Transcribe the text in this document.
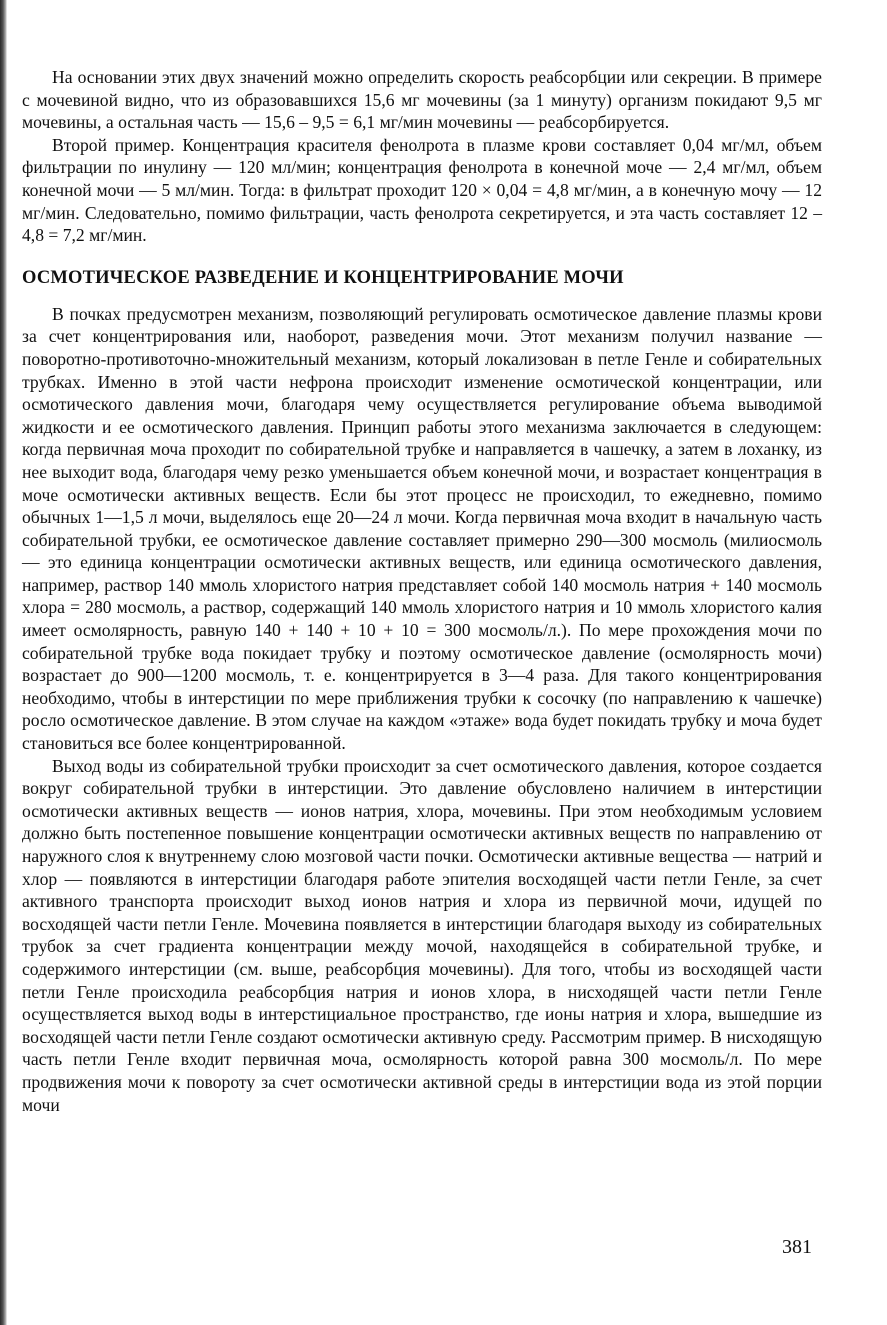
На основании этих двух значений можно определить скорость реабсорбции или секреции. В примере с мочевиной видно, что из образовавшихся 15,6 мг мочевины (за 1 минуту) организм покидают 9,5 мг мочевины, а остальная часть — 15,6 – 9,5 = 6,1 мг/мин мочевины — реабсорбируется.

Второй пример. Концентрация красителя фенолрота в плазме крови составляет 0,04 мг/мл, объем фильтрации по инулину — 120 мл/мин; концентрация фенолрота в конечной моче — 2,4 мг/мл, объем конечной мочи — 5 мл/мин. Тогда: в фильтрат проходит 120 × 0,04 = 4,8 мг/мин, а в конечную мочу — 12 мг/мин. Следовательно, помимо фильтрации, часть фенолрота секретируется, и эта часть составляет 12 – 4,8 = 7,2 мг/мин.

ОСМОТИЧЕСКОЕ РАЗВЕДЕНИЕ И КОНЦЕНТРИРОВАНИЕ МОЧИ

В почках предусмотрен механизм, позволяющий регулировать осмотическое давление плазмы крови за счет концентрирования или, наоборот, разведения мочи. Этот механизм получил название — поворотно-противоточно-множительный механизм, который локализован в петле Генле и собирательных трубках. Именно в этой части нефрона происходит изменение осмотической концентрации, или осмотического давления мочи, благодаря чему осуществляется регулирование объема выводимой жидкости и ее осмотического давления. Принцип работы этого механизма заключается в следующем: когда первичная моча проходит по собирательной трубке и направляется в чашечку, а затем в лоханку, из нее выходит вода, благодаря чему резко уменьшается объем конечной мочи, и возрастает концентрация в моче осмотически активных веществ. Если бы этот процесс не происходил, то ежедневно, помимо обычных 1—1,5 л мочи, выделялось еще 20—24 л мочи. Когда первичная моча входит в начальную часть собирательной трубки, ее осмотическое давление составляет примерно 290—300 мосмоль (милиосмоль — это единица концентрации осмотически активных веществ, или единица осмотического давления, например, раствор 140 ммоль хлористого натрия представляет собой 140 мосмоль натрия + 140 мосмоль хлора = 280 мосмоль, а раствор, содержащий 140 ммоль хлористого натрия и 10 ммоль хлористого калия имеет осмолярность, равную 140 + 140 + 10 + 10 = 300 мосмоль/л.). По мере прохождения мочи по собирательной трубке вода покидает трубку и поэтому осмотическое давление (осмолярность мочи) возрастает до 900—1200 мосмоль, т. е. концентрируется в 3—4 раза. Для такого концентрирования необходимо, чтобы в интерстиции по мере приближения трубки к сосочку (по направлению к чашечке) росло осмотическое давление. В этом случае на каждом «этаже» вода будет покидать трубку и моча будет становиться все более концентрированной.

Выход воды из собирательной трубки происходит за счет осмотического давления, которое создается вокруг собирательной трубки в интерстиции. Это давление обусловлено наличием в интерстиции осмотически активных веществ — ионов натрия, хлора, мочевины. При этом необходимым условием должно быть постепенное повышение концентрации осмотически активных веществ по направлению от наружного слоя к внутреннему слою мозговой части почки. Осмотически активные вещества — натрий и хлор — появляются в интерстиции благодаря работе эпителия восходящей части петли Генле, за счет активного транспорта происходит выход ионов натрия и хлора из первичной мочи, идущей по восходящей части петли Генле. Мочевина появляется в интерстиции благодаря выходу из собирательных трубок за счет градиента концентрации между мочой, находящейся в собирательной трубке, и содержимого интерстиции (см. выше, реабсорбция мочевины). Для того, чтобы из восходящей части петли Генле происходила реабсорбция натрия и ионов хлора, в нисходящей части петли Генле осуществляется выход воды в интерстициальное пространство, где ионы натрия и хлора, вышедшие из восходящей части петли Генле создают осмотически активную среду. Рассмотрим пример. В нисходящую часть петли Генле входит первичная моча, осмолярность которой равна 300 мосмоль/л. По мере продвижения мочи к повороту за счет осмотически активной среды в интерстиции вода из этой порции мочи

381
